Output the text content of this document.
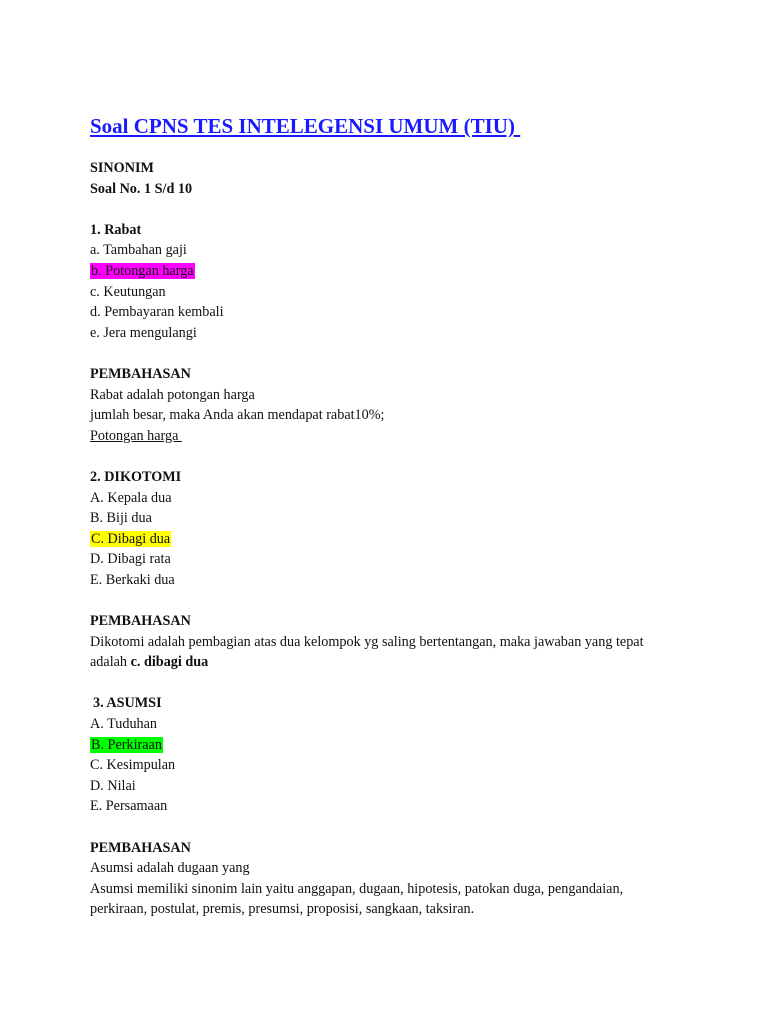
Soal CPNS TES INTELEGENSI UMUM (TIU)
SINONIM
Soal No. 1 S/d 10
1. Rabat
a. Tambahan gaji
b. Potongan harga
c. Keutungan
d. Pembayaran kembali
e. Jera mengulangi
PEMBAHASAN
Rabat adalah potongan harga
jumlah besar, maka Anda akan mendapat rabat10%;
Potongan harga
2. DIKOTOMI
A. Kepala dua
B. Biji dua
C. Dibagi dua
D. Dibagi rata
E. Berkaki dua
PEMBAHASAN
Dikotomi adalah pembagian atas dua kelompok yg saling bertentangan, maka jawaban yang tepat adalah c. dibagi dua
3. ASUMSI
A. Tuduhan
B. Perkiraan
C. Kesimpulan
D. Nilai
E. Persamaan
PEMBAHASAN
Asumsi adalah dugaan yang
Asumsi memiliki sinonim lain yaitu anggapan, dugaan, hipotesis, patokan duga, pengandaian, perkiraan, postulat, premis, presumsi, proposisi, sangkaan, taksiran.
